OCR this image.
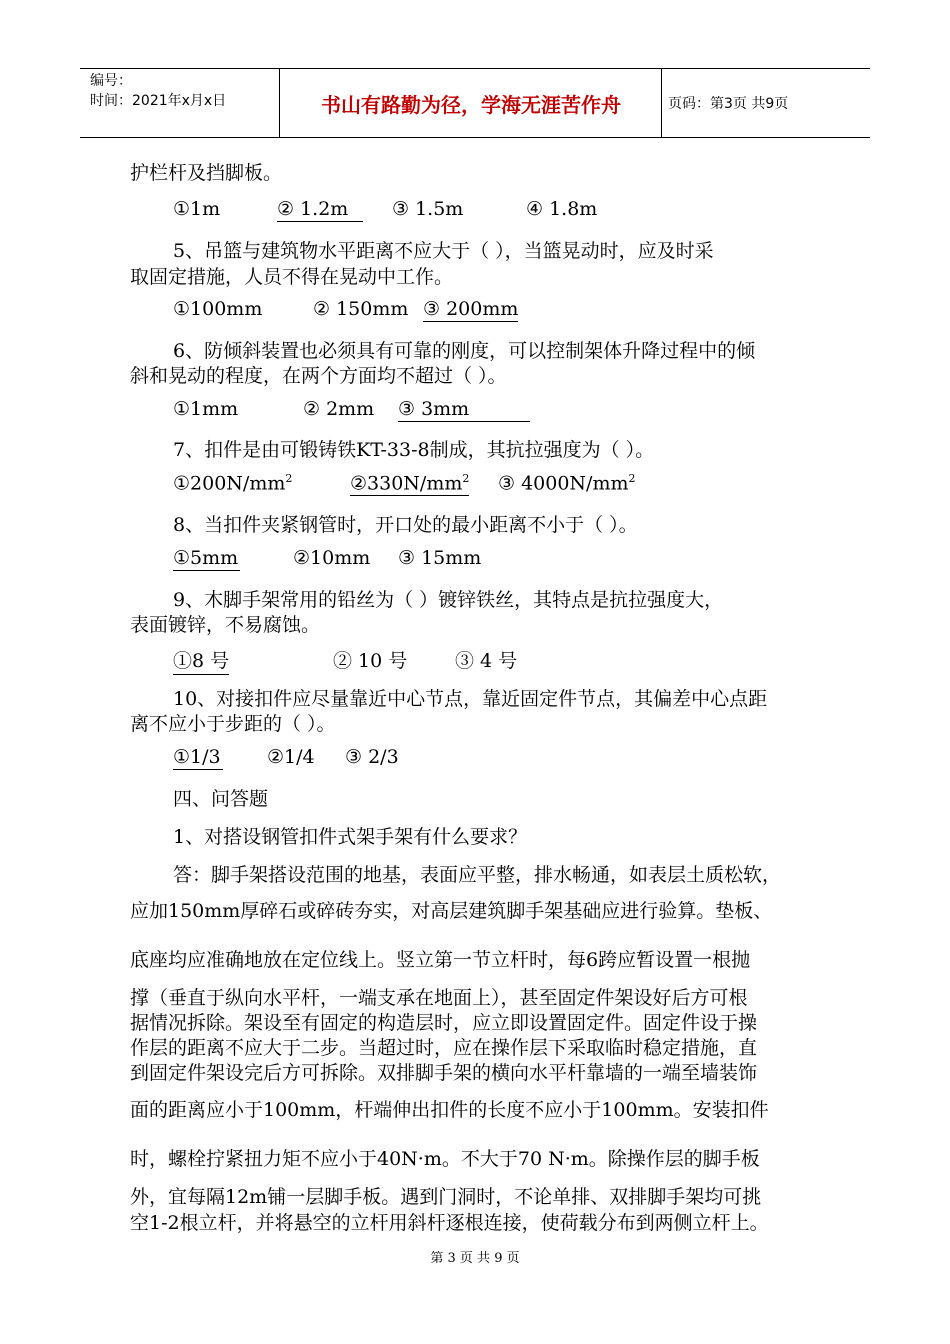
编号：
时间：2021年x月x日	书山有路勤为径，学海无涯苦作舟	页码：第3页 共9页
护栏杆及挡脚板。
①1m	② 1.2m	③ 1.5m	④ 1.8m
5、吊篮与建筑物水平距离不应大于（ ），当篮晃动时，应及时采
取固定措施，人员不得在晃动中工作。
①100mm	② 150mm ③ 200mm
6、防倾斜装置也必须具有可靠的刚度，可以控制架体升降过程中的倾
斜和晃动的程度，在两个方面均不超过（ ）。
①1mm	② 2mm ③ 3mm
7、扣件是由可锻铸铁KT-33-8制成，其抗拉强度为（ ）。
$①200N/mm^2$	$②330N/mm^2$ ③ $4000N/mm^2$
8、当扣件夹紧钢管时，开口处的最小距离不小于（ ）。
①5mm	②10mm ③ 15mm
9、木脚手架常用的铅丝为（ ）镀锌铁丝，其特点是抗拉强度大，
表面镀锌，不易腐蚀。
①8 号	② 10 号	③ 4 号
10、对接扣件应尽量靠近中心节点，靠近固定件节点，其偏差中心点距
离不应小于步距的（ ）。
①1/3 ②1/4 ③ 2/3
四、问答题
1、对搭设钢管扣件式架手架有什么要求？
答：脚手架搭设范围的地基，表面应平整，排水畅通，如表层土质松软，
应加150mm厚碎石或碎砖夯实，对高层建筑脚手架基础应进行验算。垫板、
底座均应准确地放在定位线上。竖立第一节立杆时，每6跨应暂设置一根抛
撑（垂直于纵向水平杆，一端支承在地面上），甚至固定件架设好后方可根
据情况拆除。架设至有固定的构造层时，应立即设置固定件。固定件设于操
作层的距离不应大于二步。当超过时，应在操作层下采取临时稳定措施，直
到固定件架设完后方可拆除。双排脚手架的横向水平杆靠墙的一端至墙装饰
面的距离应小于100mm，杆端伸出扣件的长度不应小于100mm。安装扣件
时，螺栓拧紧扭力矩不应小于40N·m。不大于70 N·m。除操作层的脚手板
外，宜每隔12m铺一层脚手板。遇到门洞时，不论单排、双排脚手架均可挑
空1-2根立杆，并将悬空的立杆用斜杆逐根连接，使荷载分布到两侧立杆上。
第 3 页 共 9 页
